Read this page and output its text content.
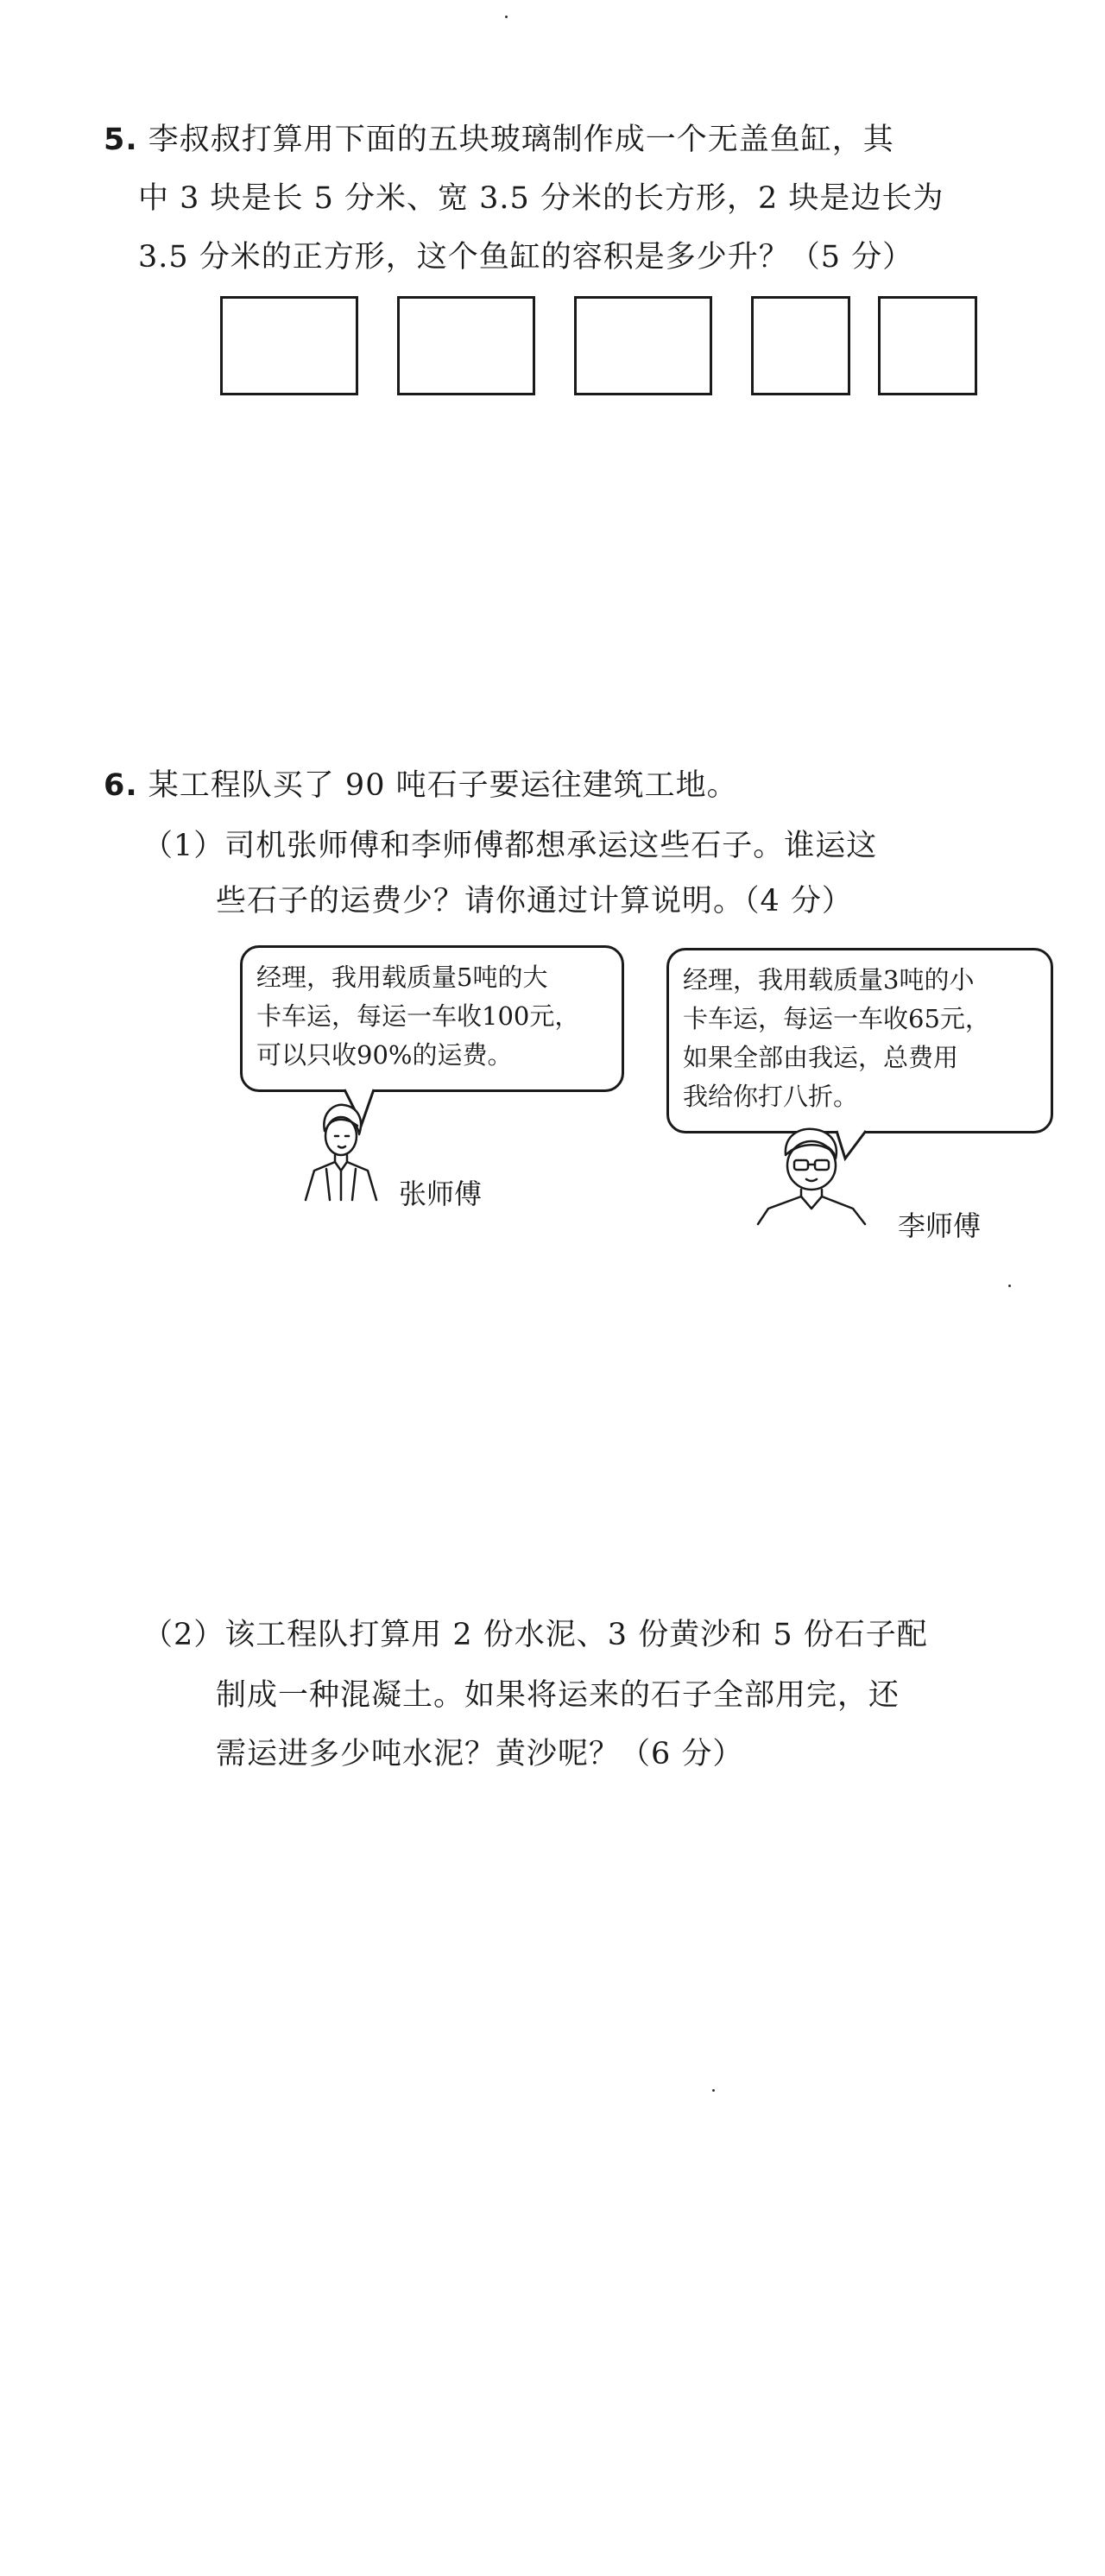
5. 李叔叔打算用下面的五块玻璃制作成一个无盖鱼缸，其
中 3 块是长 5 分米、宽 3.5 分米的长方形，2 块是边长为
3.5 分米的正方形，这个鱼缸的容积是多少升？（5 分）
6. 某工程队买了 90 吨石子要运往建筑工地。
（1）司机张师傅和李师傅都想承运这些石子。谁运这
些石子的运费少？请你通过计算说明。（4 分）
经理，我用载质量5吨的大
卡车运，每运一车收100元，
可以只收90%的运费。
张师傅
经理，我用载质量3吨的小
卡车运，每运一车收65元，
如果全部由我运，总费用
我给你打八折。
李师傅
（2）该工程队打算用 2 份水泥、3 份黄沙和 5 份石子配
制成一种混凝土。如果将运来的石子全部用完，还
需运进多少吨水泥？黄沙呢？（6 分）
